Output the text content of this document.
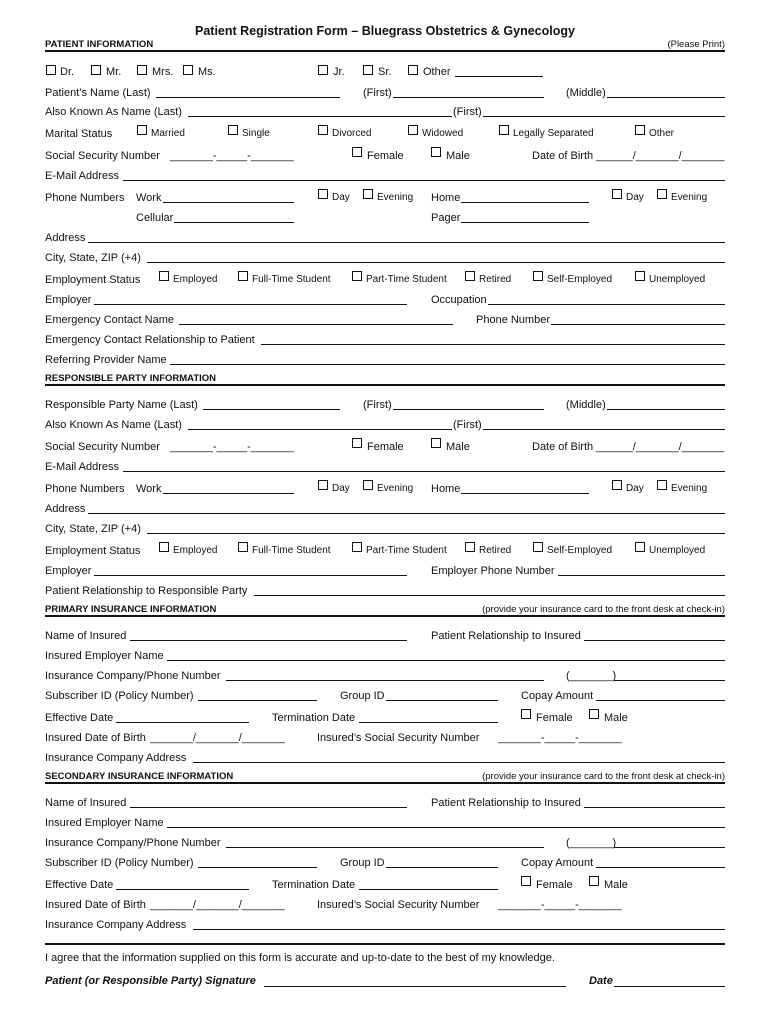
Patient Registration Form – Bluegrass Obstetrics & Gynecology
PATIENT INFORMATION	(Please Print)
Dr.	Mr.	Mrs. Ms.	Jr.	Sr.	Other
Patient’s Name (Last)	(First)	(Middle)
Also Known As Name (Last)	(First)
Marital Status	Married	Single	Divorced	Widowed	Legally Separated	Other
Social Security Number _______-_____-_______	Female	Male	Date of Birth ______/_______/_______
E-Mail Address
Phone Numbers Work	Day	Evening Home	Day	Evening
Cellular	Pager
Address
City, State, ZIP (+4)
Employment Status	Employed	Full-Time Student	Part-Time Student	Retired	Self-Employed	Unemployed
Employer	Occupation
Emergency Contact Name	Phone Number
Emergency Contact Relationship to Patient
Referring Provider Name
RESPONSIBLE PARTY INFORMATION
Responsible Party Name (Last)	(First)	(Middle)
Also Known As Name (Last)	(First)
Social Security Number _______-_____-_______	Female	Male	Date of Birth ______/_______/_______
E-Mail Address
Phone Numbers Work	Day	Evening Home	Day	Evening
Address
City, State, ZIP (+4)
Employment Status	Employed	Full-Time Student	Part-Time Student	Retired	Self-Employed	Unemployed
Employer	Employer Phone Number
Patient Relationship to Responsible Party
PRIMARY INSURANCE INFORMATION	(provide your insurance card to the front desk at check-in)
Name of Insured	Patient Relationship to Insured
Insured Employer Name
Insurance Company/Phone Number	(_______)
Subscriber ID (Policy Number)	Group ID	Copay Amount
Effective Date	Termination Date	Female	Male
Insured Date of Birth _______/_______/_______	Insured’s Social Security Number _______-_____-_______
Insurance Company Address
SECONDARY INSURANCE INFORMATION	(provide your insurance card to the front desk at check-in)
Name of Insured	Patient Relationship to Insured
Insured Employer Name
Insurance Company/Phone Number	(_______)
Subscriber ID (Policy Number)	Group ID	Copay Amount
Effective Date	Termination Date	Female	Male
Insured Date of Birth _______/_______/_______	Insured’s Social Security Number _______-_____-_______
Insurance Company Address
I agree that the information supplied on this form is accurate and up-to-date to the best of my knowledge.
Patient (or Responsible Party) Signature	Date
